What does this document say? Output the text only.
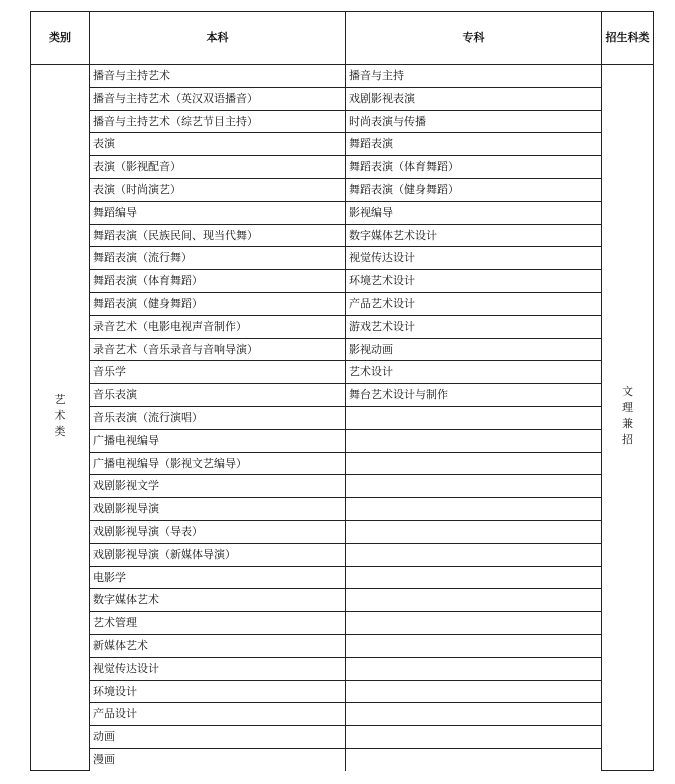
类别	本科	专科	招生科类
艺术类	播音与主持艺术	播音与主持	文理兼招
	播音与主持艺术（英汉双语播音）	戏剧影视表演	
	播音与主持艺术（综艺节目主持）	时尚表演与传播	
	表演	舞蹈表演	
	表演（影视配音）	舞蹈表演（体育舞蹈）	
	表演（时尚演艺）	舞蹈表演（健身舞蹈）	
	舞蹈编导	影视编导	
	舞蹈表演（民族民间、现当代舞）	数字媒体艺术设计	
	舞蹈表演（流行舞）	视觉传达设计	
	舞蹈表演（体育舞蹈）	环境艺术设计	
	舞蹈表演（健身舞蹈）	产品艺术设计	
	录音艺术（电影电视声音制作）	游戏艺术设计	
	录音艺术（音乐录音与音响导演）	影视动画	
	音乐学	艺术设计	
	音乐表演	舞台艺术设计与制作	
	音乐表演（流行演唱）		
	广播电视编导		
	广播电视编导（影视文艺编导）		
	戏剧影视文学		
	戏剧影视导演		
	戏剧影视导演（导表）		
	戏剧影视导演（新媒体导演）		
	电影学		
	数字媒体艺术		
	艺术管理		
	新媒体艺术		
	视觉传达设计		
	环境设计		
	产品设计		
	动画		
	漫画		
